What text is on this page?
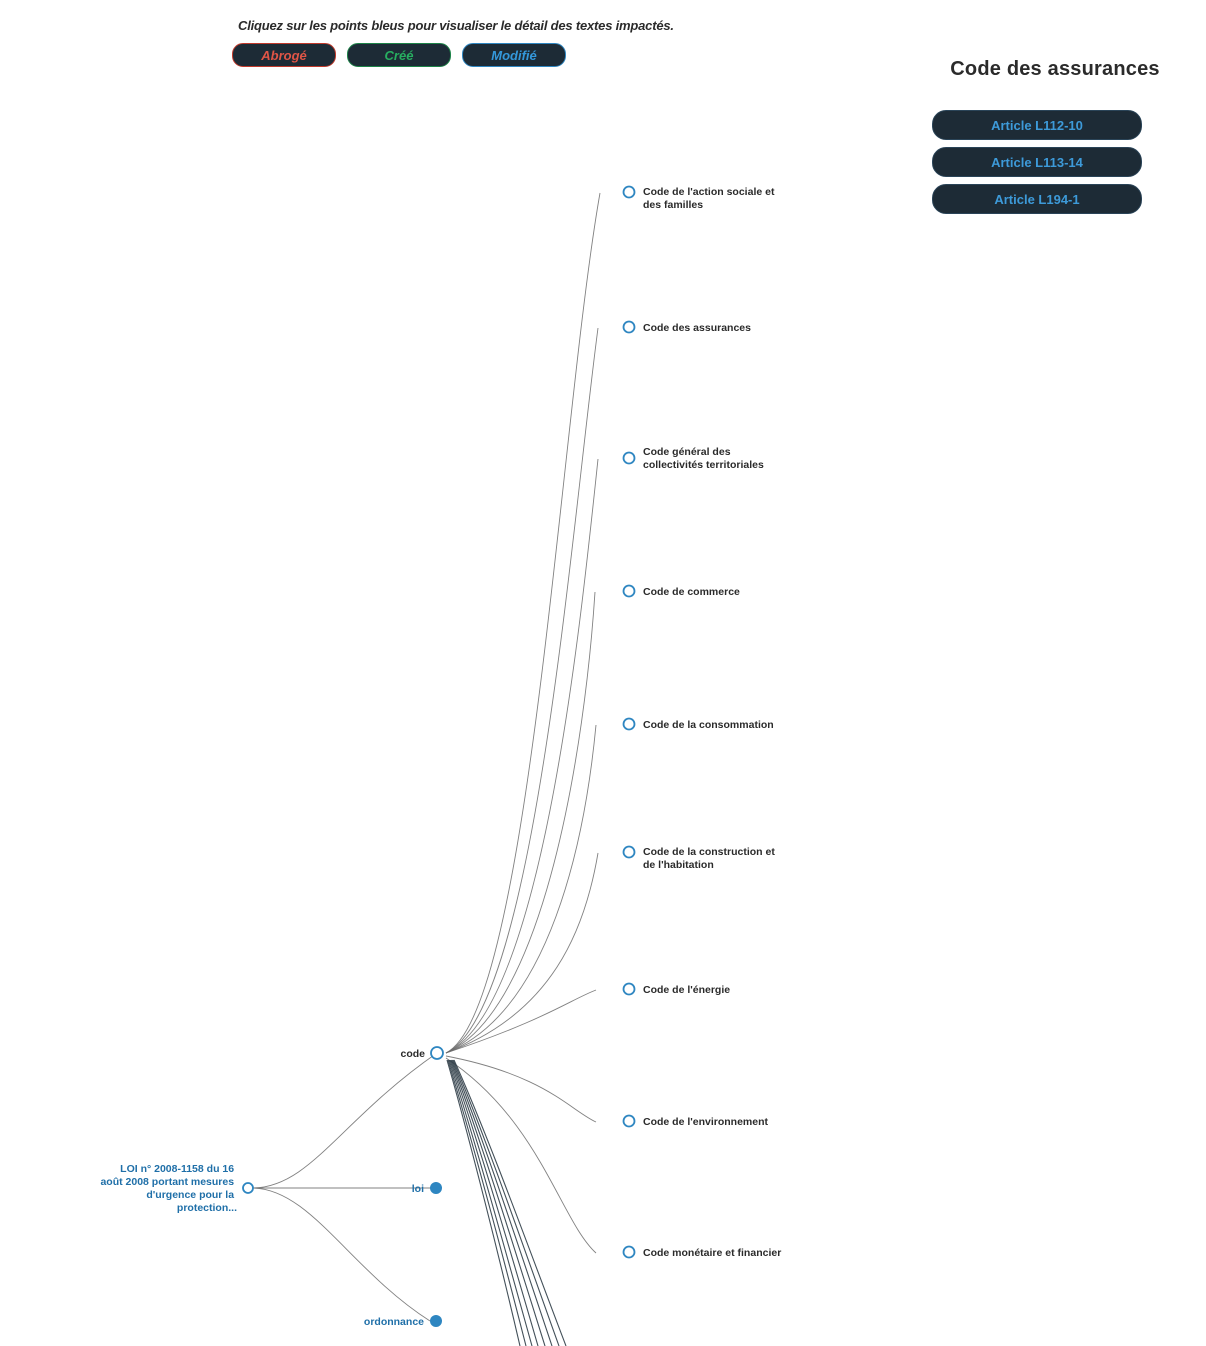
Cliquez sur les points bleus pour visualiser le détail des textes impactés.
Abrogé	Créé	Modifié
Code des assurances
Article L112-10
Article L113-14
Article L194-1
LOI n° 2008-1158 du 16 août 2008 portant mesures d'urgence pour la protection...
code
loi
ordonnance
Code de l'action sociale et des familles
Code des assurances
Code général des collectivités territoriales
Code de commerce
Code de la consommation
Code de la construction et de l'habitation
Code de l'énergie
Code de l'environnement
Code monétaire et financier
